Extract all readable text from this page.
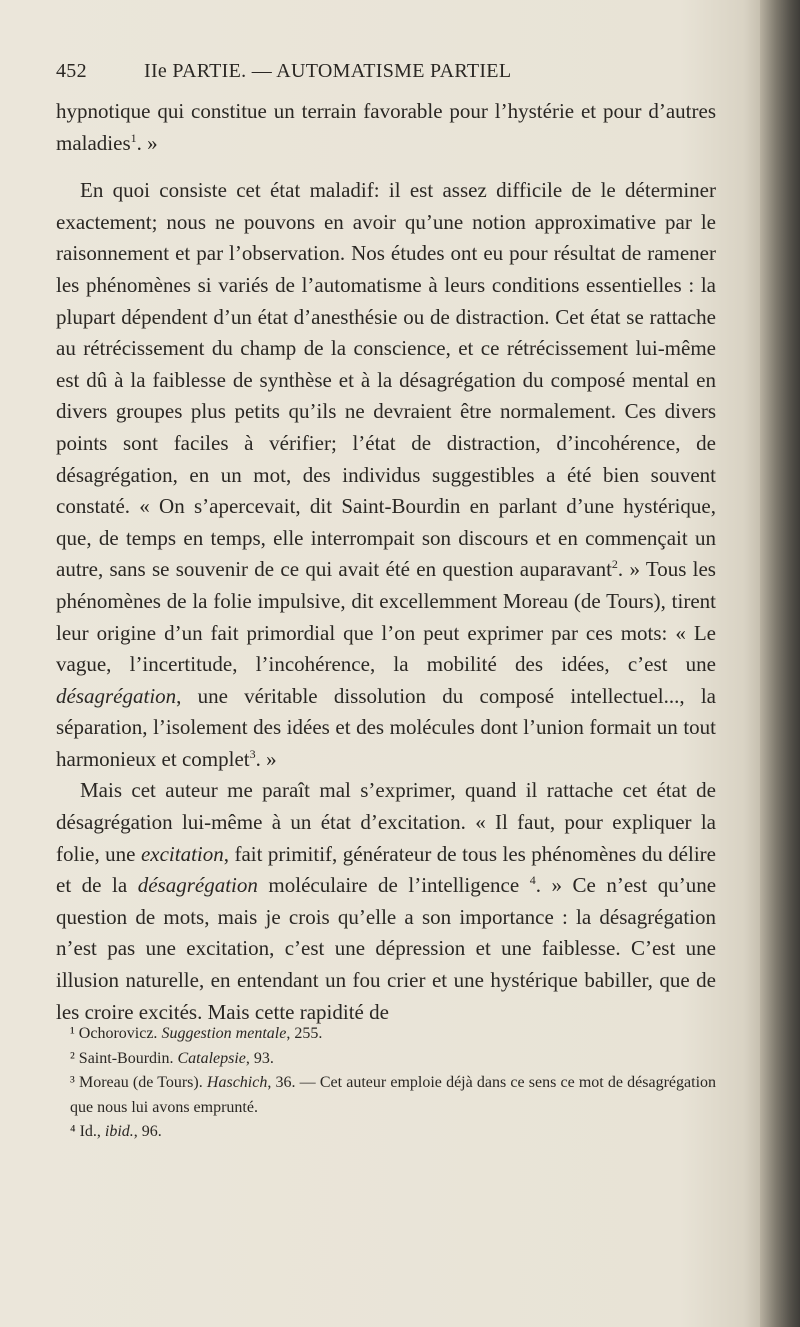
452	IIe PARTIE. — AUTOMATISME PARTIEL

hypnotique qui constitue un terrain favorable pour l’hystérie et pour d’autres maladies$^1$. »

En quoi consiste cet état maladif: il est assez difficile de le déterminer exactement; nous ne pouvons en avoir qu’une notion approximative par le raisonnement et par l’observation. Nos études ont eu pour résultat de ramener les phénomènes si variés de l’automatisme à leurs conditions essentielles : la plupart dépendent d’un état d’anesthésie ou de distraction. Cet état se rattache au rétrécissement du champ de la conscience, et ce rétrécissement lui-même est dû à la faiblesse de synthèse et à la désagrégation du composé mental en divers groupes plus petits qu’ils ne devraient être normalement. Ces divers points sont faciles à vérifier; l’état de distraction, d’incohérence, de désagrégation, en un mot, des individus suggestibles a été bien souvent constaté. « On s’apercevait, dit Saint-Bourdin en parlant d’une hystérique, que, de temps en temps, elle interrompait son discours et en commençait un autre, sans se souvenir de ce qui avait été en question auparavant$^2$. » Tous les phénomènes de la folie impulsive, dit excellemment Moreau (de Tours), tirent leur origine d’un fait primordial que l’on peut exprimer par ces mots: « Le vague, l’incertitude, l’incohérence, la mobilité des idées, c’est une désagrégation, une véritable dissolution du composé intellectuel..., la séparation, l’isolement des idées et des molécules dont l’union formait un tout harmonieux et complet$^3$. »

Mais cet auteur me paraît mal s’exprimer, quand il rattache cet état de désagrégation lui-même à un état d’excitation. « Il faut, pour expliquer la folie, une excitation, fait primitif, générateur de tous les phénomènes du délire et de la désagrégation moléculaire de l’intelligence $^4$. » Ce n’est qu’une question de mots, mais je crois qu’elle a son importance : la désagrégation n’est pas une excitation, c’est une dépression et une faiblesse. C’est une illusion naturelle, en entendant un fou crier et une hystérique babiller, que de les croire excités. Mais cette rapidité de

¹ Ochorovicz. Suggestion mentale, 255.
² Saint-Bourdin. Catalepsie, 93.
³ Moreau (de Tours). Haschich, 36. — Cet auteur emploie déjà dans ce sens ce mot de désagrégation que nous lui avons emprunté.
⁴ Id., ibid., 96.
